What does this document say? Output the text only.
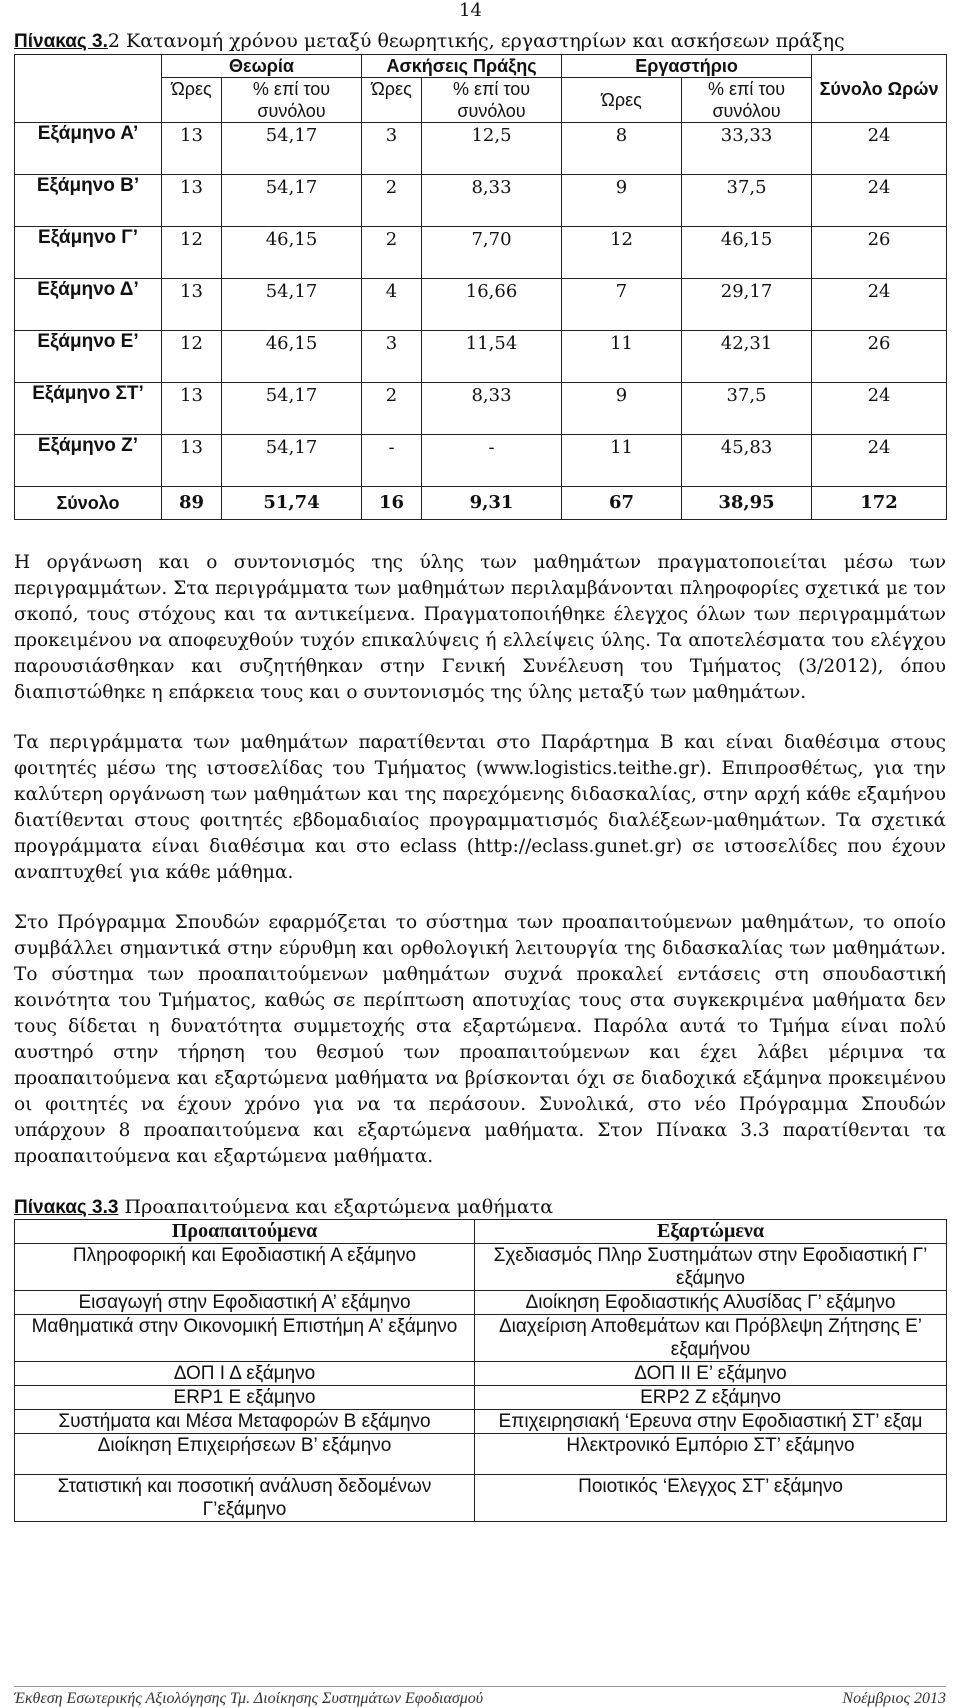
14

Πίνακας 3.2 Κατανομή χρόνου μεταξύ θεωρητικής, εργαστηρίων και ασκήσεων πράξης

	Θεωρία		Ασκήσεις Πράξης		Εργαστήριο		Σύνολο Ωρών
	Ώρες	% επί του συνόλου	Ώρες	% επί του συνόλου	Ώρες	% επί του συνόλου	
Εξάμηνο Α’	13	54,17	3	12,5	8	33,33	24
Εξάμηνο Β’	13	54,17	2	8,33	9	37,5	24
Εξάμηνο Γ’	12	46,15	2	7,70	12	46,15	26
Εξάμηνο Δ’	13	54,17	4	16,66	7	29,17	24
Εξάμηνο Ε’	12	46,15	3	11,54	11	42,31	26
Εξάμηνο ΣΤ’	13	54,17	2	8,33	9	37,5	24
Εξάμηνο Ζ’	13	54,17	-	-	11	45,83	24
Σύνολο	89	51,74	16	9,31	67	38,95	172

Η οργάνωση και ο συντονισμός της ύλης των μαθημάτων πραγματοποιείται μέσω των περιγραμμάτων. Στα περιγράμματα των μαθημάτων περιλαμβάνονται πληροφορίες σχετικά με τον σκοπό, τους στόχους και τα αντικείμενα. Πραγματοποιήθηκε έλεγχος όλων των περιγραμμάτων προκειμένου να αποφευχθούν τυχόν επικαλύψεις ή ελλείψεις ύλης. Τα αποτελέσματα του ελέγχου παρουσιάσθηκαν και συζητήθηκαν στην Γενική Συνέλευση του Τμήματος (3/2012), όπου διαπιστώθηκε η επάρκεια τους και ο συντονισμός της ύλης μεταξύ των μαθημάτων.

Τα περιγράμματα των μαθημάτων παρατίθενται στο Παράρτημα Β και είναι διαθέσιμα στους φοιτητές μέσω της ιστοσελίδας του Τμήματος (www.logistics.teithe.gr). Επιπροσθέτως, για την καλύτερη οργάνωση των μαθημάτων και της παρεχόμενης διδασκαλίας, στην αρχή κάθε εξαμήνου διατίθενται στους φοιτητές εβδομαδιαίος προγραμματισμός διαλέξεων-μαθημάτων. Τα σχετικά προγράμματα είναι διαθέσιμα και στο eclass (http://eclass.gunet.gr) σε ιστοσελίδες που έχουν αναπτυχθεί για κάθε μάθημα.

Στο Πρόγραμμα Σπουδών εφαρμόζεται το σύστημα των προαπαιτούμενων μαθημάτων, το οποίο συμβάλλει σημαντικά στην εύρυθμη και ορθολογική λειτουργία της διδασκαλίας των μαθημάτων. Το σύστημα των προαπαιτούμενων μαθημάτων συχνά προκαλεί εντάσεις στη σπουδαστική κοινότητα του Τμήματος, καθώς σε περίπτωση αποτυχίας τους στα συγκεκριμένα μαθήματα δεν τους δίδεται η δυνατότητα συμμετοχής στα εξαρτώμενα. Παρόλα αυτά το Τμήμα είναι πολύ αυστηρό στην τήρηση του θεσμού των προαπαιτούμενων και έχει λάβει μέριμνα τα προαπαιτούμενα και εξαρτώμενα μαθήματα να βρίσκονται όχι σε διαδοχικά εξάμηνα προκειμένου οι φοιτητές να έχουν χρόνο για να τα περάσουν. Συνολικά, στο νέο Πρόγραμμα Σπουδών υπάρχουν 8 προαπαιτούμενα και εξαρτώμενα μαθήματα. Στον Πίνακα 3.3 παρατίθενται τα προαπαιτούμενα και εξαρτώμενα μαθήματα.

Πίνακας 3.3 Προαπαιτούμενα και εξαρτώμενα μαθήματα

Προαπαιτούμενα	Εξαρτώμενα
Πληροφορική και Εφοδιαστική Α εξάμηνο	Σχεδιασμός Πληρ Συστημάτων στην Εφοδιαστική Γ’ εξάμηνο
Εισαγωγή στην Εφοδιαστική Α’ εξάμηνο	Διοίκηση Εφοδιαστικής Αλυσίδας Γ’ εξάμηνο
Μαθηματικά στην Οικονομική Επιστήμη Α’ εξάμηνο	Διαχείριση Αποθεμάτων και Πρόβλεψη Ζήτησης Ε’ εξαμήνου
ΔΟΠ Ι Δ εξάμηνο	ΔΟΠ ΙΙ Ε’ εξάμηνο
ERP1 Ε εξάμηνο	ERP2 Ζ εξάμηνο
Συστήματα και Μέσα Μεταφορών Β εξάμηνο	Επιχειρησιακή ‘Ερευνα στην Εφοδιαστική ΣΤ’ εξαμ
Διοίκηση Επιχειρήσεων Β’ εξάμηνο	Ηλεκτρονικό Εμπόριο ΣΤ’ εξάμηνο
Στατιστική και ποσοτική ανάλυση δεδομένων Γ’εξάμηνο	Ποιοτικός ‘Ελεγχος ΣΤ’ εξάμηνο
Έκθεση Εσωτερικής Αξιολόγησης Τμ. Διοίκησης Συστημάτων Εφοδιασμού	Νοέμβριος 2013
